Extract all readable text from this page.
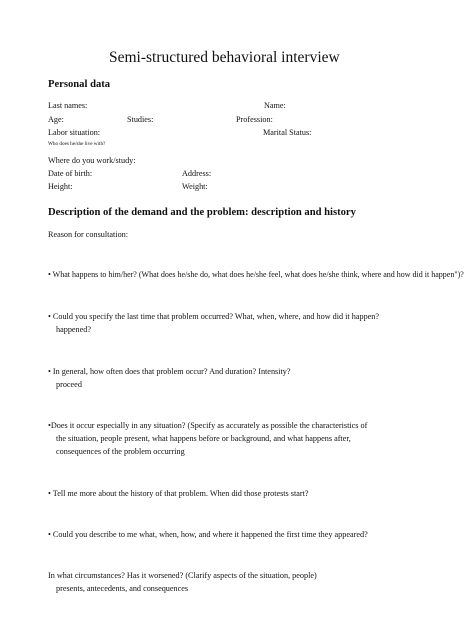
Semi-structured behavioral interview
Personal data
Last names:	Name:
Age:	Studies:	Profession:
Labor situation:	Marital Status:
Who does he/she live with?
Where do you work/study:
Date of birth:	Address:
Height:	Weight:
Description of the demand and the problem: description and history
Reason for consultation:
• What happens to him/her? (What does he/she do, what does he/she feel, what does he/she think, where and how did it happen")?
• Could you specify the last time that problem occurred? What, when, where, and how did it happen?
happened?
• In general, how often does that problem occur? And duration? Intensity?
proceed
•Does it occur especially in any situation? (Specify as accurately as possible the characteristics of
the situation, people present, what happens before or background, and what happens after,
consequences of the problem occurring
• Tell me more about the history of that problem. When did those protests start?
• Could you describe to me what, when, how, and where it happened the first time they appeared?
In what circumstances? Has it worsened? (Clarify aspects of the situation, people)
presents, antecedents, and consequences
